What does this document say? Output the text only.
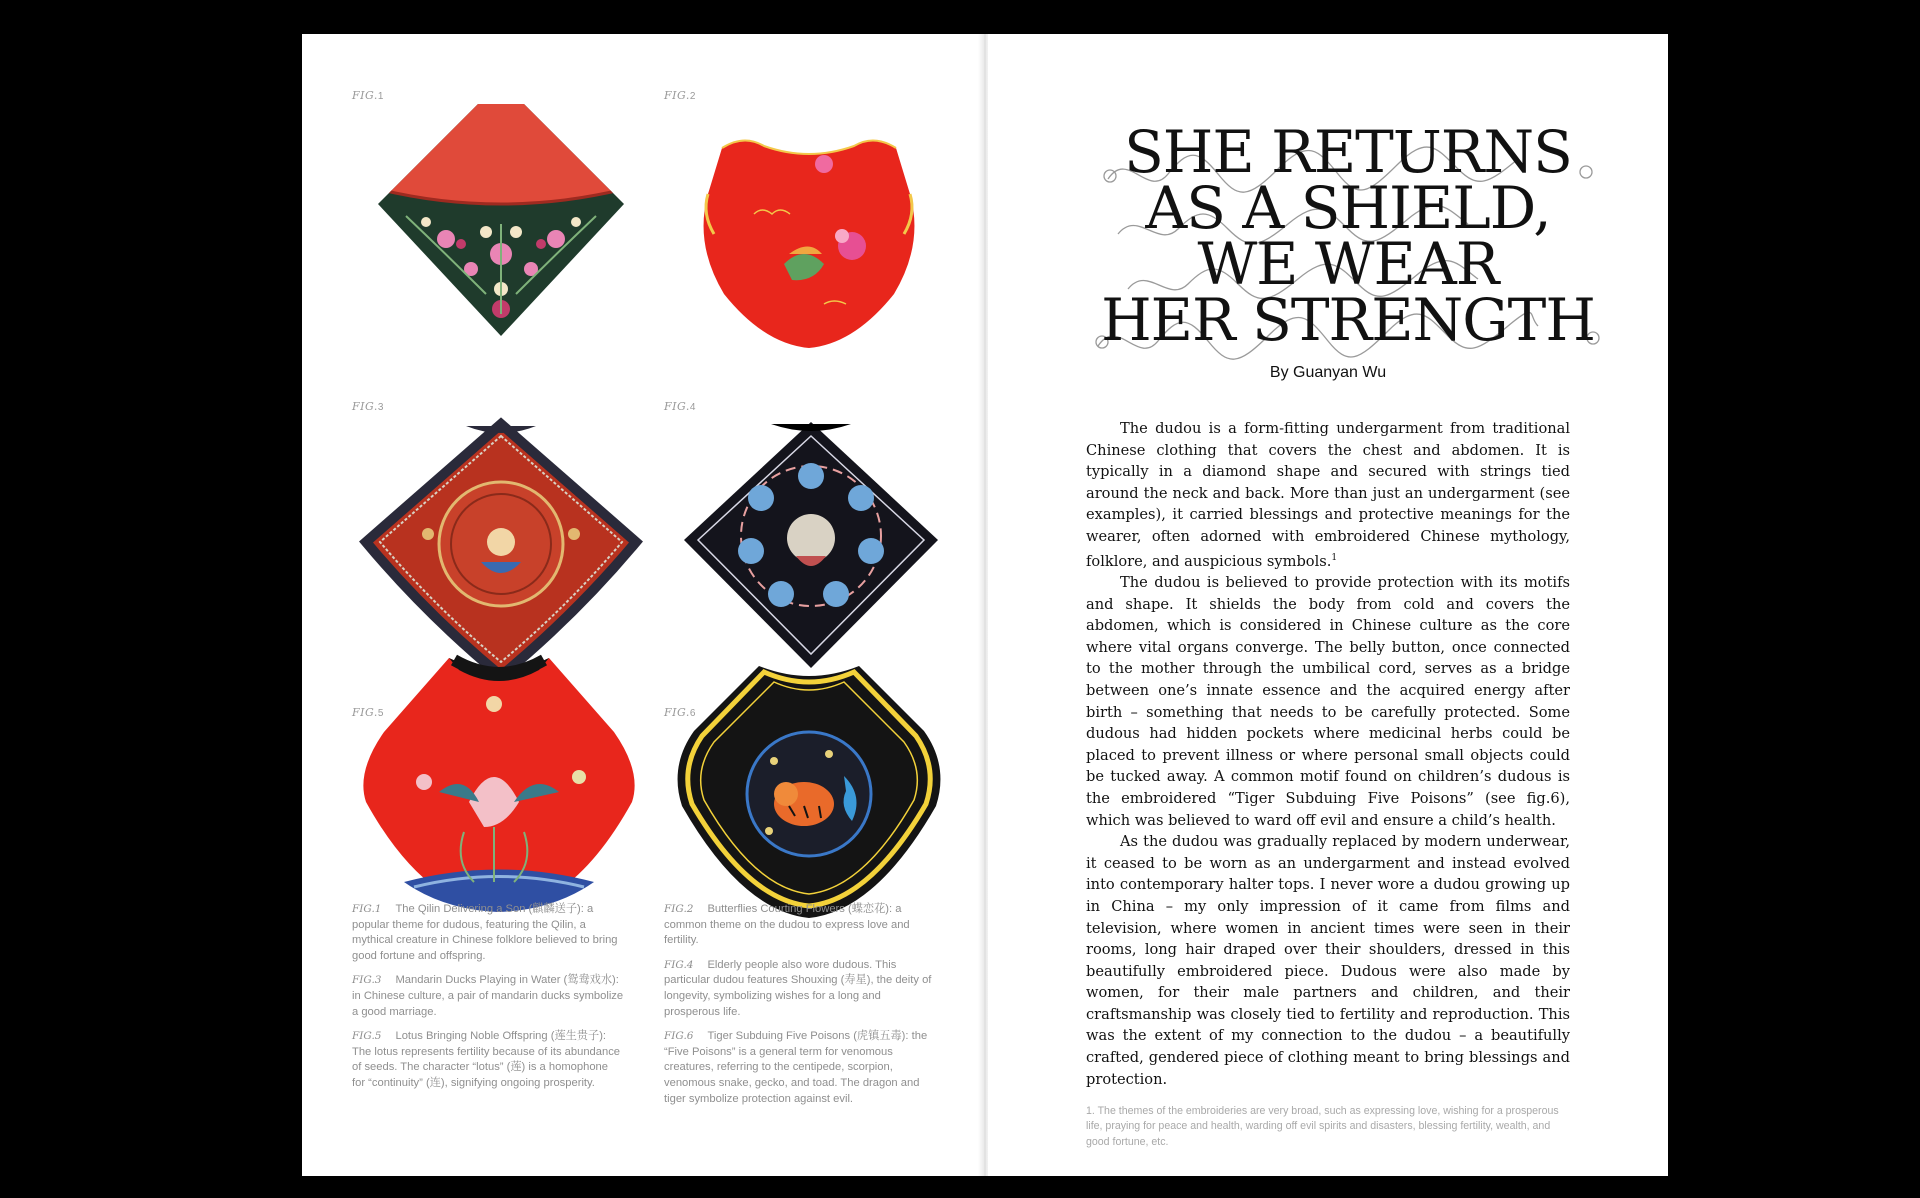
FIG.1	FIG.2
FIG.3	FIG.4
FIG.5	FIG.6
FIG.1 The Qilin Delivering a Son (麒麟送子): a popular theme for dudous, featuring the Qilin, a mythical creature in Chinese folklore believed to bring good fortune and offspring.
FIG.3 Mandarin Ducks Playing in Water (鸳鸯戏水): in Chinese culture, a pair of mandarin ducks symbolize a good marriage.
FIG.5 Lotus Bringing Noble Offspring (莲生贵子): The lotus represents fertility because of its abundance of seeds. The character “lotus” (莲) is a homophone for “continuity” (连), signifying ongoing prosperity.
FIG.2 Butterflies Courting Flowers (蝶恋花): a common theme on the dudou to express love and fertility.
FIG.4 Elderly people also wore dudous. This particular dudou features Shouxing (寿星), the deity of longevity, symbolizing wishes for a long and prosperous life.
FIG.6 Tiger Subduing Five Poisons (虎镇五毒): the “Five Poisons” is a general term for venomous creatures, referring to the centipede, scorpion, venomous snake, gecko, and toad. The dragon and tiger symbolize protection against evil.
SHE RETURNS
AS A SHIELD,
WE WEAR
HER STRENGTH
By Guanyan Wu

The dudou is a form-fitting undergarment from traditional Chinese clothing that covers the chest and abdomen. It is typically in a diamond shape and secured with strings tied around the neck and back. More than just an undergarment (see examples), it carried blessings and protective meanings for the wearer, often adorned with embroidered Chinese mythology, folklore, and auspicious symbols.$^1$

The dudou is believed to provide protection with its motifs and shape. It shields the body from cold and covers the abdomen, which is considered in Chinese culture as the core where vital organs converge. The belly button, once connected to the mother through the umbilical cord, serves as a bridge between one’s innate essence and the acquired energy after birth – something that needs to be carefully protected. Some dudous had hidden pockets where medicinal herbs could be placed to prevent illness or where personal small objects could be tucked away. A common motif found on children’s dudous is the embroidered “Tiger Subduing Five Poisons” (see fig.6), which was believed to ward off evil and ensure a child’s health.

As the dudou was gradually replaced by modern underwear, it ceased to be worn as an undergarment and instead evolved into contemporary halter tops. I never wore a dudou growing up in China – my only impression of it came from films and television, where women in ancient times were seen in their rooms, long hair draped over their shoulders, dressed in this beautifully embroidered piece. Dudous were also made by women, for their male partners and children, and their craftsmanship was closely tied to fertility and reproduction. This was the extent of my connection to the dudou – a beautifully crafted, gendered piece of clothing meant to bring blessings and protection.

1. The themes of the embroideries are very broad, such as expressing love, wishing for a prosperous life, praying for peace and health, warding off evil spirits and disasters, blessing fertility, wealth, and good fortune, etc.
